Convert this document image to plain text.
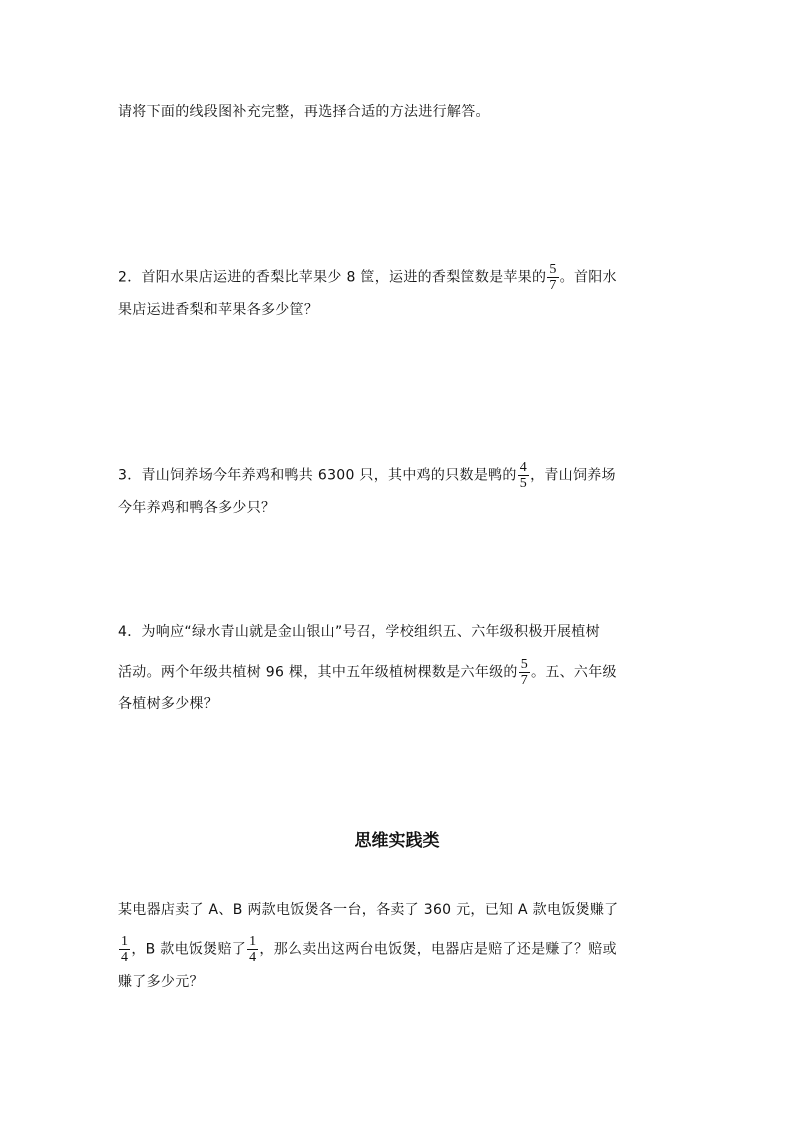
请将下面的线段图补充完整，再选择合适的方法进行解答。
2．首阳水果店运进的香梨比苹果少 8 筐，运进的香梨筐数是苹果的 $\frac{5}{7}$ 。首阳水
果店运进香梨和苹果各多少筐？
3．青山饲养场今年养鸡和鸭共 6300 只，其中鸡的只数是鸭的 $\frac{4}{5}$ ，青山饲养场
今年养鸡和鸭各多少只？
4．为响应“绿水青山就是金山银山”号召，学校组织五、六年级积极开展植树
活动。两个年级共植树 96 棵，其中五年级植树棵数是六年级的 $\frac{5}{7}$ 。五、六年级
各植树多少棵？
思维实践类
某电器店卖了 A、B 两款电饭煲各一台，各卖了 360 元，已知 A 款电饭煲赚了
$\frac{1}{4}$ ，B 款电饭煲赔了 $\frac{1}{4}$ ，那么卖出这两台电饭煲，电器店是赔了还是赚了？赔或
赚了多少元？
